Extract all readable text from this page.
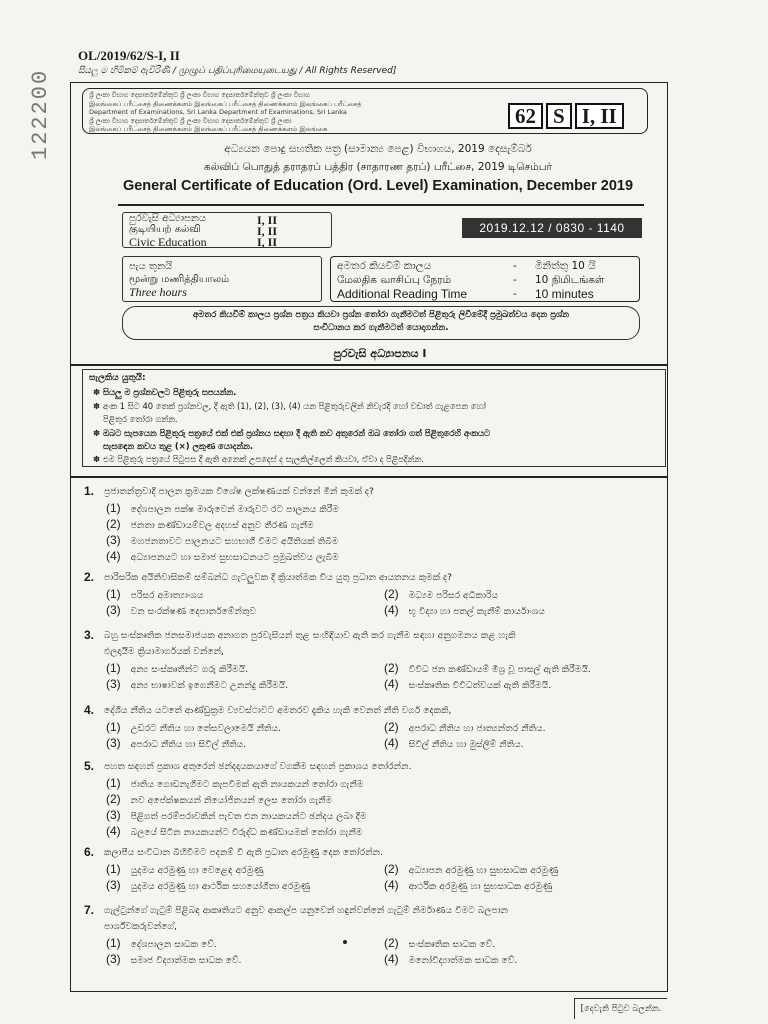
OL/2019/62/S-I, II
සියලු ම හිමිකම් ඇවිරිණි / முழுப் பதிப்புரிமையுடையது / All Rights Reserved]
122200	ශ්‍රී ලංකා විභාග දෙපාර්තමේන්තුව ශ්‍රී ලංකා විභාග දෙපාර්තමේන්තුව ශ්‍රී ලංකා විභාග
இலங்கைப் பரீட்சைத் திணைக்களம் இலங்கைப் பரீட்சைத் திணைக்களம் இலங்கைப் பரீட்சைத்
Department of Examinations, Sri Lanka Department of Examinations, Sri Lanka
ශ්‍රී ලංකා විභාග දෙපාර්තමේන්තුව ශ්‍රී ලංකා විභාග දෙපාර්තමේන්තුව ශ්‍රී ලංකා
இலங்கைப் பரீட்சைத் திணைக்களம் இலங்கைப் பரீட்சைத் திணைக்களம் இலங்கை
62 S I, II
අධ්‍යයන පොදු සහතික පත්‍ර (සාමාන්‍ය පෙළ) විභාගය, 2019 දෙසැම්බර්
கல்விப் பொதுத் தராதரப் பத்திர (சாதாரண தரப்) பரீட்சை, 2019 டிசெம்பர்
General Certificate of Education (Ord. Level) Examination, December 2019
පුරවැසි අධ්‍යාපනය	I, II
குடியியற் கல்வி	I, II
Civic Education	I, II
2019.12.12 / 0830 - 1140
පැය තුනයි
மூன்று மணித்தியாலம்
Three hours
අමතර කියවීම් කාලය	- මිනිත්තු 10 යි
மேலதிக வாசிப்பு நேரம்	- 10 நிமிடங்கள்
Additional Reading Time	- 10 minutes
අමතර කියවීම් කාලය ප්‍රශ්න පත්‍රය කියවා ප්‍රශ්න තෝරා ගැනීමටත් පිළිතුරු ලිවීමේදී ප්‍රමුඛත්වය දෙන ප්‍රශ්න
සංවිධානය කර ගැනීමටත් යොදාගන්න.
පුරවැසි අධ්‍යාපනය I
සැලකිය යුතුයි:
✽ සියලු ම ප්‍රශ්නවලට පිළිතුරු සපයන්න.
✽ අංක 1 සිට 40 තෙක් ප්‍රශ්නවල, දී ඇති (1), (2), (3), (4) යන පිළිතුරුවලින් නිවැරදි හෝ වඩාත් ගැළපෙන හෝ
පිළිතුර තෝරා ගන්න.
✽ ඔබට සැපයෙන පිළිතුරු පත්‍රයේ එක් එක් ප්‍රශ්නය සඳහා දී ඇති කව අතුරෙන් ඔබ තෝරා ගත් පිළිතුරෙහි අංකයට
සැසඳෙන කවය තුළ (×) ලකුණ යොදන්න.
✽ එම පිළිතුරු පත්‍රයේ පිටුපස දී ඇති අනෙක් උපදෙස් ද සැලකිල්ලෙන් කියවා, ඒවා ද පිළිපදින්න.
1. ප්‍රජාතන්ත්‍රවාදී පාලන ක්‍රමයක විශේෂ ලක්ෂණයක් වන්නේ මින් කුමක් ද?
(1) දේශපාලන පක්ෂ මාරුවෙන් මාරුවට රට පාලනය කිරීම
(2) ජනතා කණ්ඩායම්වල අදහස් අනුව තීරණ ගැනීම
(3) මහජනතාවට පාලනයට සහභාගී වීමට අයිතියක් තිබීම
(4) අධ්‍යාපනයට හා සමාජ සුභසාධනයට ප්‍රමුඛත්වය ලැබීම
2. පාරිසරික අයිතිවාසිකම් සම්බන්ධ ගැටලුවක දී ක්‍රියාත්මක විය යුතු ප්‍රධාන ආයතනය කුමක් ද?
(1) පරිසර අමාත්‍යාංශය	(2) මධ්‍යම පරිසර අධිකාරිය
(3) වන සංරක්ෂණ දෙපාර්තමේන්තුව	(4) භූ විද්‍යා හා පතල් කැනීම් කාර්යාංශය
3. බහු සංස්කෘතික ජනසමාජයක අනාගත පුරවැසියන් තුළ සංහිඳියාව ඇති කර ගැනීම සඳහා අනුගමනය කළ හැකි
ඵලදායීම ක්‍රියාමාර්ගයක් වන්නේ,
(1) අන්‍ය සංස්කෘතීන්ට ගරු කිරීමයි.	(2) විවිධ ජන කණ්ඩායම් මිශ්‍ර වූ පාසල් ඇති කිරීමයි.
(3) අන්‍ය භාෂාවක් ඉගෙනීමට උනන්දු කිරීමයි.	(4) සංස්කෘතික විවිධත්වයක් ඇති කිරීමයි.
4. දේශීය නීතිය යටතේ ආණ්ඩුක්‍රම ව්‍යවස්ථාවට අමතරව දැකිය හැකි වෙනත් නීති වර්ග දෙකකි,
(1) උඩරට නීතිය හා තේසවලාමෙයි නීතිය.	(2) අපරාධ නීතිය හා ජාත්‍යන්තර නීතිය.
(3) අපරාධ නීතිය හා සිවිල් නීතිය.	(4) සිවිල් නීතිය හා මුස්ලිම් නීතිය.
5. පහත සඳහන් ප්‍රකාශ අතුරෙන් ඡන්දදායකයාගේ වගකීම සඳහන් ප්‍රකාශය තෝරන්න.
(1) ජාතිය ගොඩනැගීමට කැපවීමක් ඇති නායකයන් තෝරා ගැනීම
(2) නව අපේක්ෂකයන් නියෝජිතයන් ලෙස තෝරා ගැනීම
(3) පිළිගත් පරම්පරාවකින් පැවත එන නායකයන්ට ඡන්දය ලබා දීම
(4) බලයේ සිටින නායකයන්ට විරුද්ධ කණ්ඩායමක් තෝරා ගැනීම
6. කලාපීය සංවිධාන බිහිවීමට පදනම් වී ඇති ප්‍රධාන අරමුණු දෙක තෝරන්න.
(1) යුදමය අරමුණු හා වෙළෙඳ අරමුණු	(2) අධ්‍යාපන අරමුණු හා සුභසාධක අරමුණු
(3) යුදමය අරමුණු හා ආර්ථික සහයෝගීතා අරමුණු	(4) ආර්ථික අරමුණු හා සුභසාධක අරමුණු
7. ගැල්ටුන්ගේ ගැටුම් පිළිබඳ ආකෘතියට අනුව ආකල්ප යනුවෙන් හඳුන්වන්නේ ගැටුම් නිර්මාණය වීමට බලපාන
පාර්ශ්වකරුවන්ගේ,
(1) දේශපාලන සාධක වේ.	(2) සංස්කෘතික සාධක වේ.
(3) සමාජ විද්‍යාත්මක සාධක වේ.	(4) මනෝවිද්‍යාත්මක සාධක වේ.
[දෙවැනි පිටුව බලන්න.
